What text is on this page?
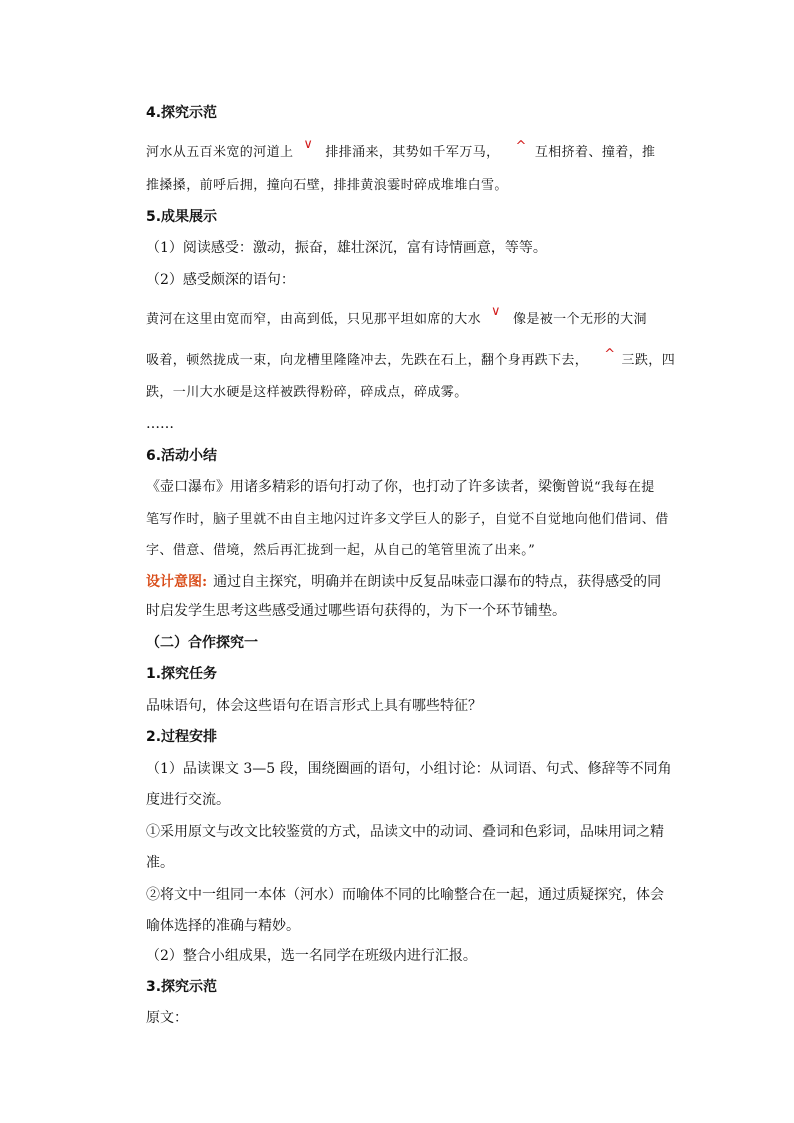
4.探究示范
河水从五百米宽的河道上∨排排涌来，其势如千军万马， ^ 互相挤着、撞着，推
推搡搡，前呼后拥，撞向石壁，排排黄浪霎时碎成堆堆白雪。
5.成果展示
（1）阅读感受：激动，振奋，雄壮深沉，富有诗情画意，等等。
（2）感受颇深的语句：
黄河在这里由宽而窄，由高到低，只见那平坦如席的大水∨像是被一个无形的大洞
吸着，顿然拢成一束，向龙槽里隆隆冲去，先跌在石上，翻个身再跌下去， ^ 三跌，四
跌，一川大水硬是这样被跌得粉碎，碎成点，碎成雾。
……
6.活动小结
《壶口瀑布》用诸多精彩的语句打动了你，也打动了许多读者，梁衡曾说“我每在提
笔写作时，脑子里就不由自主地闪过许多文学巨人的影子，自觉不自觉地向他们借词、借
字、借意、借境，然后再汇拢到一起，从自己的笔管里流了出来。”
设计意图: 通过自主探究，明确并在朗读中反复品味壶口瀑布的特点，获得感受的同
时启发学生思考这些感受通过哪些语句获得的，为下一个环节铺垫。
（二）合作探究一
1.探究任务
品味语句，体会这些语句在语言形式上具有哪些特征？
2.过程安排
（1）品读课文 3—5 段，围绕圈画的语句，小组讨论：从词语、句式、修辞等不同角
度进行交流。
①采用原文与改文比较鉴赏的方式，品读文中的动词、叠词和色彩词，品味用词之精
准。
②将文中一组同一本体（河水）而喻体不同的比喻整合在一起，通过质疑探究，体会
喻体选择的准确与精妙。
（2）整合小组成果，选一名同学在班级内进行汇报。
3.探究示范
原文：
